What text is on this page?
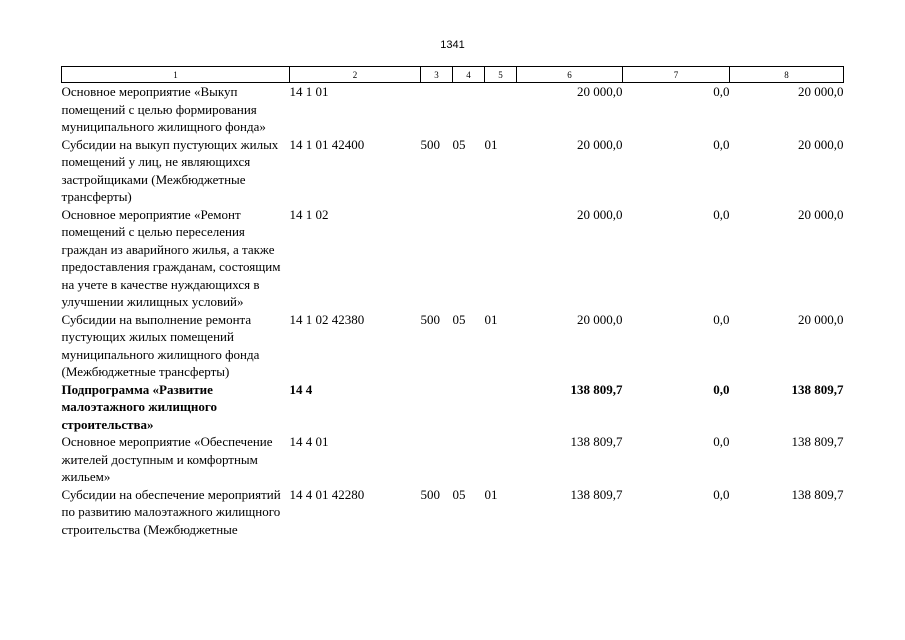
1341
1	2	3	4	5	6	7	8
Основное мероприятие «Выкуп помещений с целью формирования муниципального жилищного фонда»	14 1 01				20 000,0	0,0	20 000,0
Субсидии на выкуп пустующих жилых помещений у лиц, не являющихся застройщиками (Межбюджетные трансферты)	14 1 01 42400	500	05	01	20 000,0	0,0	20 000,0
Основное мероприятие «Ремонт помещений с целью переселения граждан из аварийного жилья, а также предоставления гражданам, состоящим на учете в качестве нуждающихся в улучшении жилищных условий»	14 1 02				20 000,0	0,0	20 000,0
Субсидии на выполнение ремонта пустующих жилых помещений муниципального жилищного фонда (Межбюджетные трансферты)	14 1 02 42380	500	05	01	20 000,0	0,0	20 000,0
Подпрограмма «Развитие малоэтажного жилищного строительства»	14 4				138 809,7	0,0	138 809,7
Основное мероприятие «Обеспечение жителей доступным и комфортным жильем»	14 4 01				138 809,7	0,0	138 809,7
Субсидии на обеспечение мероприятий по развитию малоэтажного жилищного строительства (Межбюджетные	14 4 01 42280	500	05	01	138 809,7	0,0	138 809,7
